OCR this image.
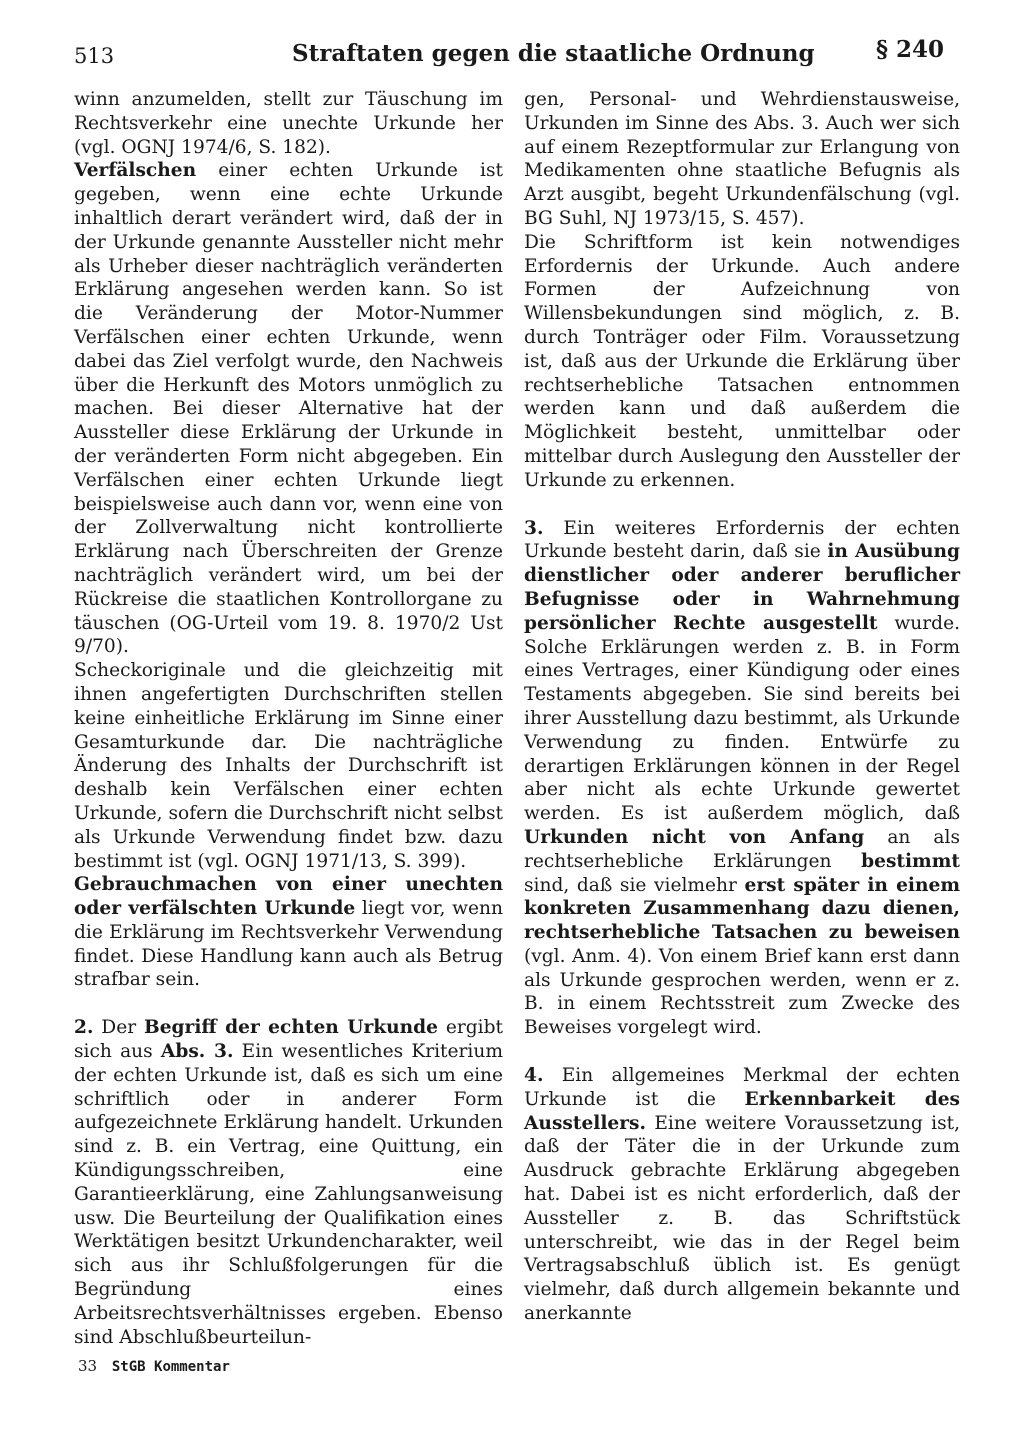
513	Straftaten gegen die staatliche Ordnung	§ 240

winn anzumelden, stellt zur Täuschung im Rechtsverkehr eine unechte Urkunde her (vgl. OGNJ 1974/6, S. 182).

Verfälschen einer echten Urkunde ist gegeben, wenn eine echte Urkunde inhaltlich derart verändert wird, daß der in der Urkunde genannte Aussteller nicht mehr als Urheber dieser nachträglich veränderten Erklärung angesehen werden kann. So ist die Veränderung der Motor-Nummer Verfälschen einer echten Urkunde, wenn dabei das Ziel verfolgt wurde, den Nachweis über die Herkunft des Motors unmöglich zu machen. Bei dieser Alternative hat der Aussteller diese Erklärung der Urkunde in der veränderten Form nicht abgegeben. Ein Verfälschen einer echten Urkunde liegt beispielsweise auch dann vor, wenn eine von der Zollverwaltung nicht kontrollierte Erklärung nach Überschreiten der Grenze nachträglich verändert wird, um bei der Rückreise die staatlichen Kontrollorgane zu täuschen (OG-Urteil vom 19. 8. 1970/2 Ust 9/70).

Scheckoriginale und die gleichzeitig mit ihnen angefertigten Durchschriften stellen keine einheitliche Erklärung im Sinne einer Gesamturkunde dar. Die nachträgliche Änderung des Inhalts der Durchschrift ist deshalb kein Verfälschen einer echten Urkunde, sofern die Durchschrift nicht selbst als Urkunde Verwendung findet bzw. dazu bestimmt ist (vgl. OGNJ 1971/13, S. 399).

Gebrauchmachen von einer unechten oder verfälschten Urkunde liegt vor, wenn die Erklärung im Rechtsverkehr Verwendung findet. Diese Handlung kann auch als Betrug strafbar sein.

2. Der Begriff der echten Urkunde ergibt sich aus Abs. 3. Ein wesentliches Kriterium der echten Urkunde ist, daß es sich um eine schriftlich oder in anderer Form aufgezeichnete Erklärung handelt. Urkunden sind z. B. ein Vertrag, eine Quittung, ein Kündigungsschreiben, eine Garantieerklärung, eine Zahlungsanweisung usw. Die Beurteilung der Qualifikation eines Werktätigen besitzt Urkundencharakter, weil sich aus ihr Schlußfolgerungen für die Begründung eines Arbeitsrechtsverhältnisses ergeben. Ebenso sind Abschlußbeurteilun-

gen, Personal- und Wehrdienstausweise, Urkunden im Sinne des Abs. 3. Auch wer sich auf einem Rezeptformular zur Erlangung von Medikamenten ohne staatliche Befugnis als Arzt ausgibt, begeht Urkundenfälschung (vgl. BG Suhl, NJ 1973/15, S. 457).

Die Schriftform ist kein notwendiges Erfordernis der Urkunde. Auch andere Formen der Aufzeichnung von Willensbekundungen sind möglich, z. B. durch Tonträger oder Film. Voraussetzung ist, daß aus der Urkunde die Erklärung über rechtserhebliche Tatsachen entnommen werden kann und daß außerdem die Möglichkeit besteht, unmittelbar oder mittelbar durch Auslegung den Aussteller der Urkunde zu erkennen.

3. Ein weiteres Erfordernis der echten Urkunde besteht darin, daß sie in Ausübung dienstlicher oder anderer beruflicher Befugnisse oder in Wahrnehmung persönlicher Rechte ausgestellt wurde. Solche Erklärungen werden z. B. in Form eines Vertrages, einer Kündigung oder eines Testaments abgegeben. Sie sind bereits bei ihrer Ausstellung dazu bestimmt, als Urkunde Verwendung zu finden. Entwürfe zu derartigen Erklärungen können in der Regel aber nicht als echte Urkunde gewertet werden. Es ist außerdem möglich, daß Urkunden nicht von Anfang an als rechtserhebliche Erklärungen bestimmt sind, daß sie vielmehr erst später in einem konkreten Zusammenhang dazu dienen, rechtserhebliche Tatsachen zu beweisen (vgl. Anm. 4). Von einem Brief kann erst dann als Urkunde gesprochen werden, wenn er z. B. in einem Rechtsstreit zum Zwecke des Beweises vorgelegt wird.

4. Ein allgemeines Merkmal der echten Urkunde ist die Erkennbarkeit des Ausstellers. Eine weitere Voraussetzung ist, daß der Täter die in der Urkunde zum Ausdruck gebrachte Erklärung abgegeben hat. Dabei ist es nicht erforderlich, daß der Aussteller z. B. das Schriftstück unterschreibt, wie das in der Regel beim Vertragsabschluß üblich ist. Es genügt vielmehr, daß durch allgemein bekannte und anerkannte

33 StGB Kommentar
